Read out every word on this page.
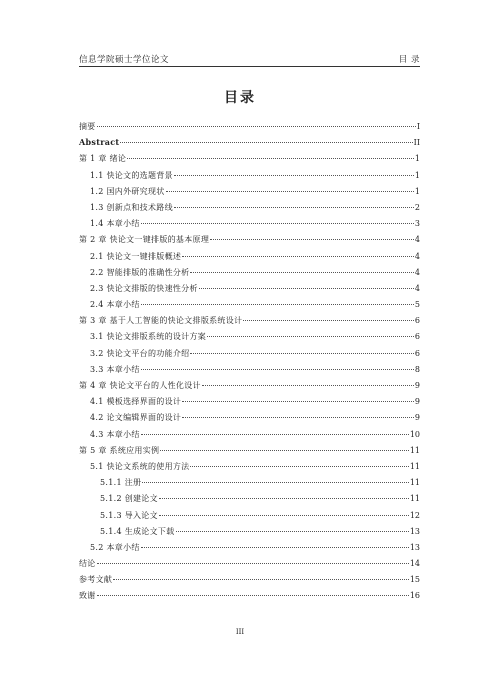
信息学院硕士学位论文	目 录
目录
摘要	I
Abstract	II
第 1 章 绪论	1
1.1 快论文的选题背景	1
1.2 国内外研究现状	1
1.3 创新点和技术路线	2
1.4 本章小结	3
第 2 章 快论文一键排版的基本原理	4
2.1 快论文一键排版概述	4
2.2 智能排版的准确性分析	4
2.3 快论文排版的快速性分析	4
2.4 本章小结	5
第 3 章 基于人工智能的快论文排版系统设计	6
3.1 快论文排版系统的设计方案	6
3.2 快论文平台的功能介绍	6
3.3 本章小结	8
第 4 章 快论文平台的人性化设计	9
4.1 模板选择界面的设计	9
4.2 论文编辑界面的设计	9
4.3 本章小结	10
第 5 章 系统应用实例	11
5.1 快论文系统的使用方法	11
5.1.1 注册	11
5.1.2 创建论文	11
5.1.3 导入论文	12
5.1.4 生成论文下载	13
5.2 本章小结	13
结论	14
参考文献	15
致谢	16
III
